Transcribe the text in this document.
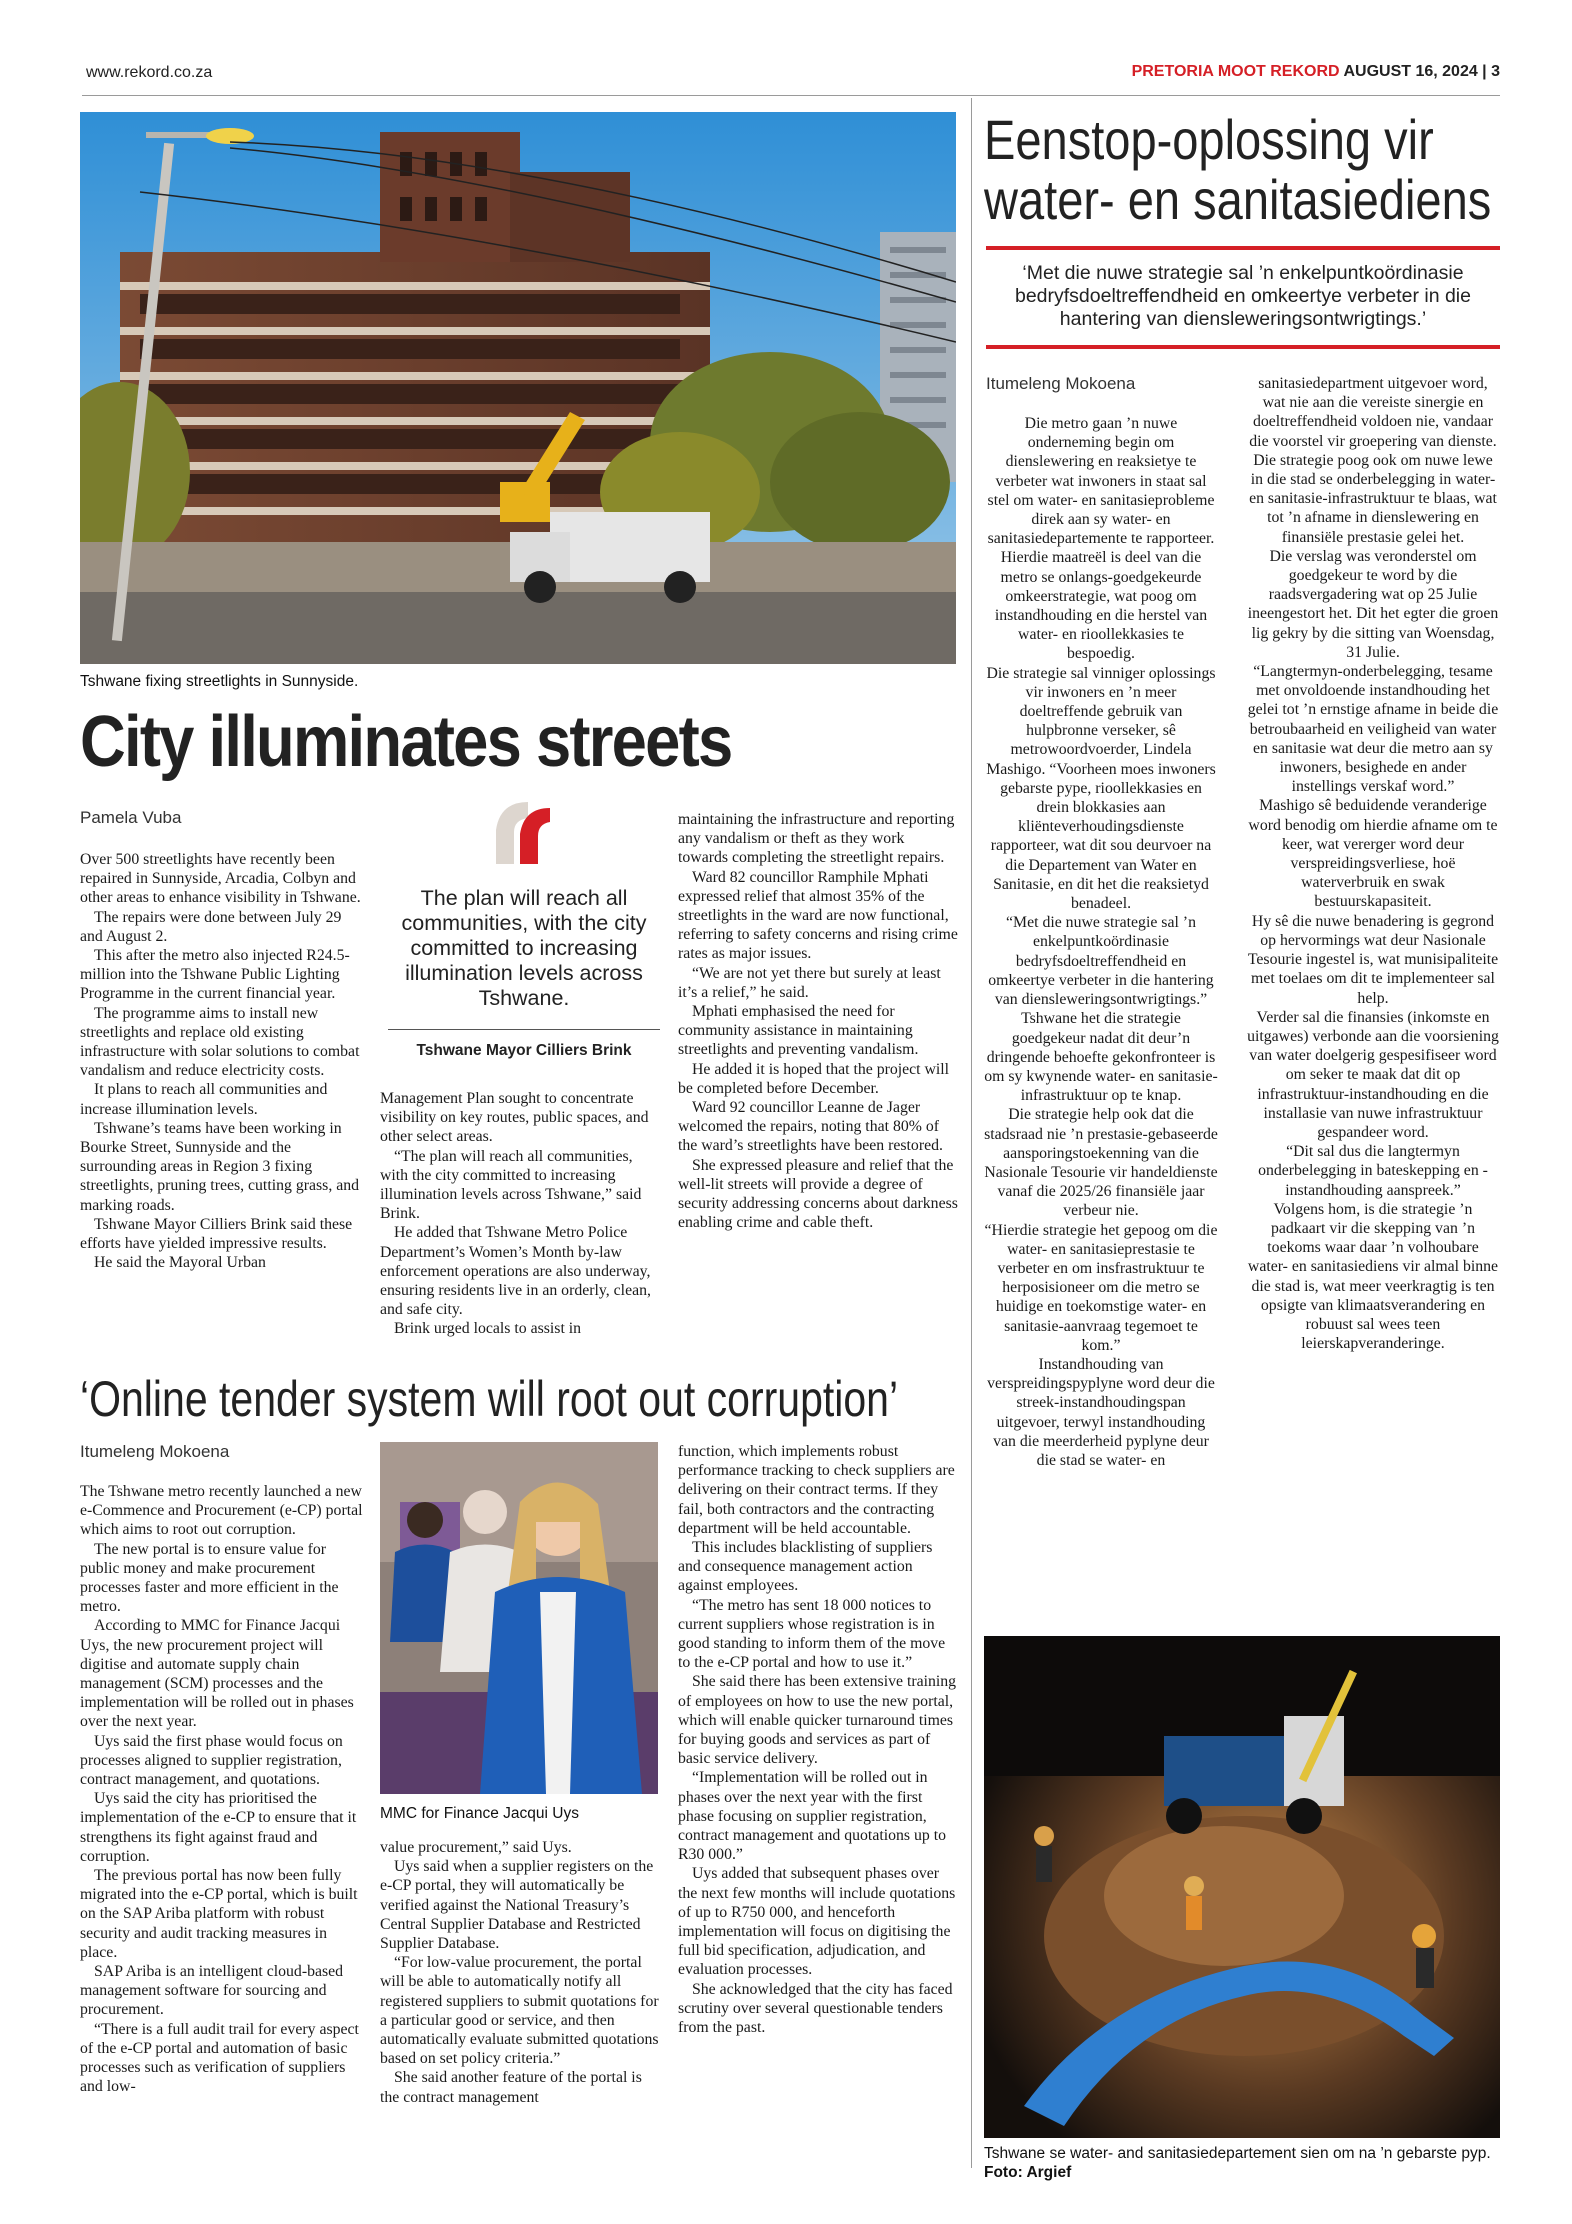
www.rekord.co.za	PRETORIA MOOT REKORD AUGUST 16, 2024 | 3
Tshwane fixing streetlights in Sunnyside.
City illuminates streets
Pamela Vuba

Over 500 streetlights have recently been repaired in Sunnyside, Arcadia, Colbyn and other areas to enhance visibility in Tshwane.

The repairs were done between July 29 and August 2.

This after the metro also injected R24.5-million into the Tshwane Public Lighting Programme in the current financial year.

The programme aims to install new streetlights and replace old existing infrastructure with solar solutions to combat vandalism and reduce electricity costs.

It plans to reach all communities and increase illumination levels.

Tshwane’s teams have been working in Bourke Street, Sunnyside and the surrounding areas in Region 3 fixing streetlights, pruning trees, cutting grass, and marking roads.

Tshwane Mayor Cilliers Brink said these efforts have yielded impressive results.

He said the Mayoral Urban

The plan will reach all communities, with the city committed to increasing illumination levels across Tshwane.
Tshwane Mayor Cilliers Brink

Management Plan sought to concentrate visibility on key routes, public spaces, and other select areas.

“The plan will reach all communities, with the city committed to increasing illumination levels across Tshwane,” said Brink.

He added that Tshwane Metro Police Department’s Women’s Month by-law enforcement operations are also underway, ensuring residents live in an orderly, clean, and safe city.

Brink urged locals to assist in

maintaining the infrastructure and reporting any vandalism or theft as they work towards completing the streetlight repairs.

Ward 82 councillor Ramphile Mphati expressed relief that almost 35% of the streetlights in the ward are now functional, referring to safety concerns and rising crime rates as major issues.

“We are not yet there but surely at least it’s a relief,” he said.

Mphati emphasised the need for community assistance in maintaining streetlights and preventing vandalism.

He added it is hoped that the project will be completed before December.

Ward 92 councillor Leanne de Jager welcomed the repairs, noting that 80% of the ward’s streetlights have been restored.

She expressed pleasure and relief that the well-lit streets will provide a degree of security addressing concerns about darkness enabling crime and cable theft.

‘Online tender system will root out corruption’
Itumeleng Mokoena

The Tshwane metro recently launched a new e-Commence and Procurement (e-CP) portal which aims to root out corruption.

The new portal is to ensure value for public money and make procurement processes faster and more efficient in the metro.

According to MMC for Finance Jacqui Uys, the new procurement project will digitise and automate supply chain management (SCM) processes and the implementation will be rolled out in phases over the next year.

Uys said the first phase would focus on processes aligned to supplier registration, contract management, and quotations.

Uys said the city has prioritised the implementation of the e-CP to ensure that it strengthens its fight against fraud and corruption.

The previous portal has now been fully migrated into the e-CP portal, which is built on the SAP Ariba platform with robust security and audit tracking measures in place.

SAP Ariba is an intelligent cloud-based management software for sourcing and procurement.

“There is a full audit trail for every aspect of the e-CP portal and automation of basic processes such as verification of suppliers and low-

MMC for Finance Jacqui Uys

value procurement,” said Uys.

Uys said when a supplier registers on the e-CP portal, they will automatically be verified against the National Treasury’s Central Supplier Database and Restricted Supplier Database.

“For low-value procurement, the portal will be able to automatically notify all registered suppliers to submit quotations for a particular good or service, and then automatically evaluate submitted quotations based on set policy criteria.”

She said another feature of the portal is the contract management

function, which implements robust performance tracking to check suppliers are delivering on their contract terms. If they fail, both contractors and the contracting department will be held accountable.

This includes blacklisting of suppliers and consequence management action against employees.

“The metro has sent 18 000 notices to current suppliers whose registration is in good standing to inform them of the move to the e-CP portal and how to use it.”

She said there has been extensive training of employees on how to use the new portal, which will enable quicker turnaround times for buying goods and services as part of basic service delivery.

“Implementation will be rolled out in phases over the next year with the first phase focusing on supplier registration, contract management and quotations up to R30 000.”

Uys added that subsequent phases over the next few months will include quotations of up to R750 000, and henceforth implementation will focus on digitising the full bid specification, adjudication, and evaluation processes.

She acknowledged that the city has faced scrutiny over several questionable tenders from the past.

Eenstop-oplossing vir
water- en sanitasiediens
‘Met die nuwe strategie sal ’n enkelpuntkoördinasie bedryfsdoeltreffendheid en omkeertye verbeter in die hantering van diensleweringsontwrigtings.’
Itumeleng Mokoena

Die metro gaan ’n nuwe onderneming begin om dienslewering en reaksietye te verbeter wat inwoners in staat sal stel om water- en sanitasieprobleme direk aan sy water- en sanitasiedepartemente te rapporteer.

Hierdie maatreël is deel van die metro se onlangs-goedgekeurde omkeerstrategie, wat poog om instandhouding en die herstel van water- en rioollekkasies te bespoedig.

Die strategie sal vinniger oplossings vir inwoners en ’n meer doeltreffende gebruik van hulpbronne verseker, sê metrowoordvoerder, Lindela Mashigo. “Voorheen moes inwoners gebarste pype, rioollekkasies en drein blokkasies aan kliënteverhoudingsdienste rapporteer, wat dit sou deurvoer na die Departement van Water en Sanitasie, en dit het die reaksietyd benadeel.

“Met die nuwe strategie sal ’n enkelpuntkoördinasie bedryfsdoeltreffendheid en omkeertye verbeter in die hantering van diensleweringsontwrigtings.”

Tshwane het die strategie goedgekeur nadat dit deur’n dringende behoefte gekonfronteer is om sy kwynende water- en sanitasie-infrastruktuur op te knap.

Die strategie help ook dat die stadsraad nie ’n prestasie-gebaseerde aansporingstoekenning van die Nasionale Tesourie vir handeldienste vanaf die 2025/26 finansiële jaar verbeur nie.

“Hierdie strategie het gepoog om die water- en sanitasieprestasie te verbeter en om insfrastruktuur te herposisioneer om die metro se huidige en toekomstige water- en sanitasie-aanvraag tegemoet te kom.”

Instandhouding van verspreidingspyplyne word deur die streek-instandhoudingspan uitgevoer, terwyl instandhouding van die meerderheid pyplyne deur die stad se water- en

sanitasiedepartment uitgevoer word, wat nie aan die vereiste sinergie en doeltreffendheid voldoen nie, vandaar die voorstel vir groepering van dienste.

Die strategie poog ook om nuwe lewe in die stad se onderbelegging in water- en sanitasie-infrastruktuur te blaas, wat tot ’n afname in dienslewering en finansiële prestasie gelei het.

Die verslag was veronderstel om goedgekeur te word by die raadsvergadering wat op 25 Julie ineengestort het. Dit het egter die groen lig gekry by die sitting van Woensdag, 31 Julie.

“Langtermyn-onderbelegging, tesame met onvoldoende instandhouding het gelei tot ’n ernstige afname in beide die betroubaarheid en veiligheid van water en sanitasie wat deur die metro aan sy inwoners, besighede en ander instellings verskaf word.”

Mashigo sê beduidende veranderige word benodig om hierdie afname om te keer, wat vererger word deur verspreidingsverliese, hoë waterverbruik en swak bestuurskapasiteit.

Hy sê die nuwe benadering is gegrond op hervormings wat deur Nasionale Tesourie ingestel is, wat munisipaliteite met toelaes om dit te implementeer sal help.

Verder sal die finansies (inkomste en uitgawes) verbonde aan die voorsiening van water doelgerig gespesifiseer word om seker te maak dat dit op infrastruktuur-instandhouding en die installasie van nuwe infrastruktuur gespandeer word.

“Dit sal dus die langtermyn onderbelegging in bateskepping en -instandhouding aanspreek.”

Volgens hom, is die strategie ’n padkaart vir die skepping van ’n toekoms waar daar ’n volhoubare water- en sanitasiediens vir almal binne die stad is, wat meer veerkragtig is ten opsigte van klimaatsverandering en robuust sal wees teen leierskapveranderinge.

Tshwane se water- and sanitasiedepartement sien om na ’n gebarste pyp. Foto: Argief
